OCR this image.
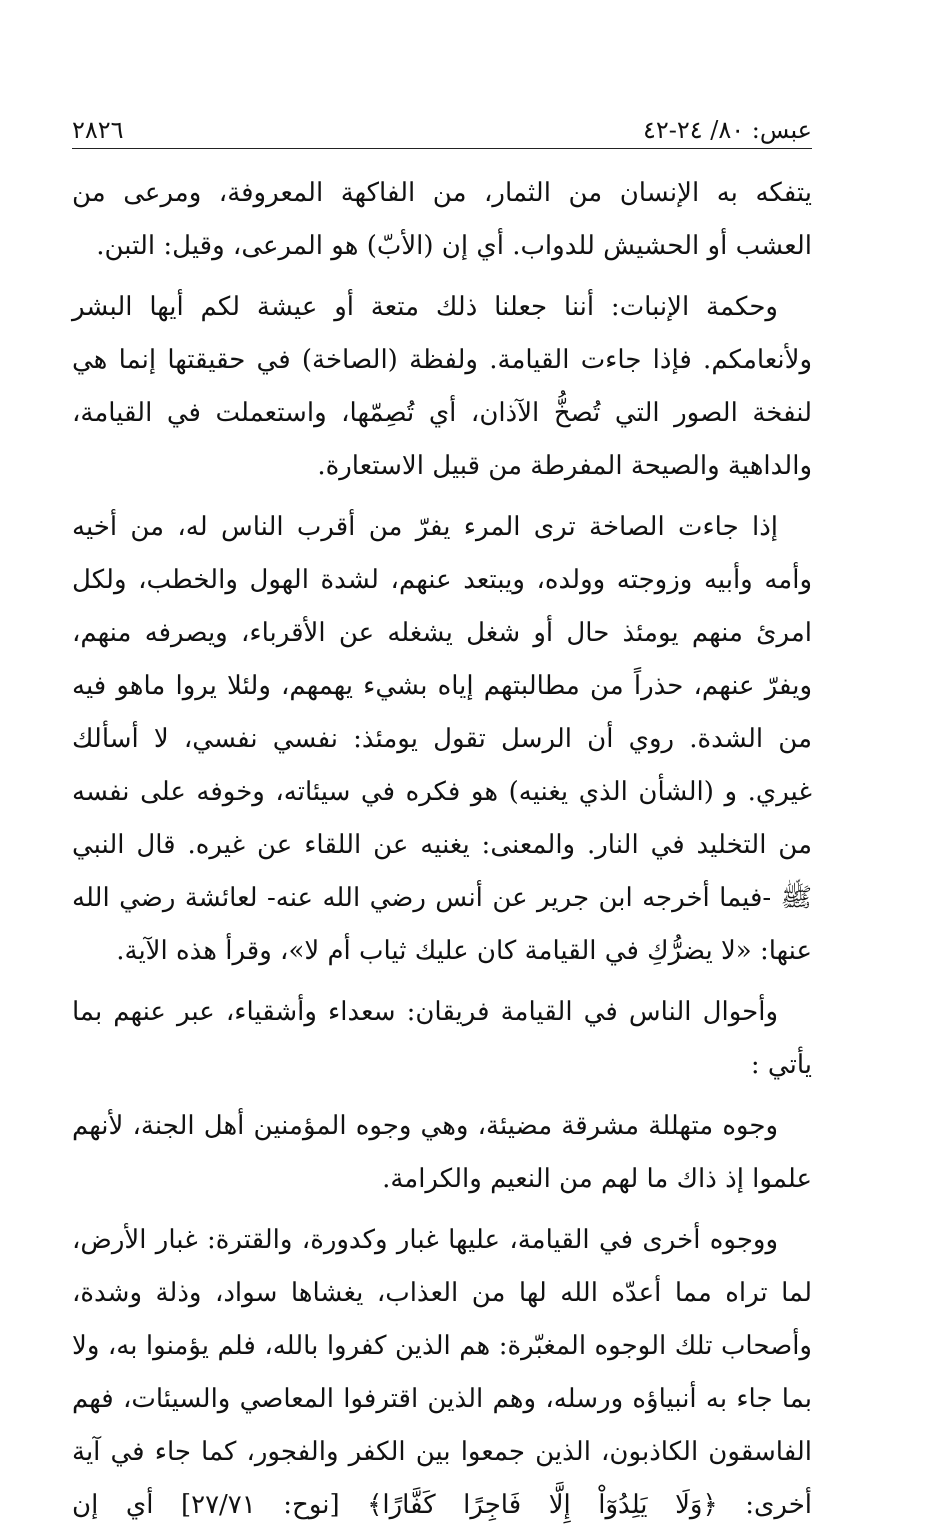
عبس: ٨٠/ ٢٤-٤٢
٢٨٢٦

يتفكه به الإنسان من الثمار، من الفاكهة المعروفة، ومرعى من العشب أو الحشيش للدواب. أي إن (الأبّ) هو المرعى، وقيل: التبن.

وحكمة الإنبات: أننا جعلنا ذلك متعة أو عيشة لكم أيها البشر ولأنعامكم. فإذا جاءت القيامة. ولفظة (الصاخة) في حقيقتها إنما هي لنفخة الصور التي تُصخُّ الآذان، أي تُصِمّها، واستعملت في القيامة، والداهية والصيحة المفرطة من قبيل الاستعارة.

إذا جاءت الصاخة ترى المرء يفرّ من أقرب الناس له، من أخيه وأمه وأبيه وزوجته وولده، ويبتعد عنهم، لشدة الهول والخطب، ولكل امرئ منهم يومئذ حال أو شغل يشغله عن الأقرباء، ويصرفه منهم، ويفرّ عنهم، حذراً من مطالبتهم إياه بشيء يهمهم، ولئلا يروا ماهو فيه من الشدة. روي أن الرسل تقول يومئذ: نفسي نفسي، لا أسألك غيري. و (الشأن الذي يغنيه) هو فكره في سيئاته، وخوفه على نفسه من التخليد في النار. والمعنى: يغنيه عن اللقاء عن غيره. قال النبي ﷺ -فيما أخرجه ابن جرير عن أنس رضي الله عنه- لعائشة رضي الله عنها: «لا يضرُّكِ في القيامة كان عليك ثياب أم لا»، وقرأ هذه الآية.

وأحوال الناس في القيامة فريقان: سعداء وأشقياء، عبر عنهم بما يأتي :

وجوه متهللة مشرقة مضيئة، وهي وجوه المؤمنين أهل الجنة، لأنهم علموا إذ ذاك ما لهم من النعيم والكرامة.

ووجوه أخرى في القيامة، عليها غبار وكدورة، والقترة: غبار الأرض، لما تراه مما أعدّه الله لها من العذاب، يغشاها سواد، وذلة وشدة، وأصحاب تلك الوجوه المغبّرة: هم الذين كفروا بالله، فلم يؤمنوا به، ولا بما جاء به أنبياؤه ورسله، وهم الذين اقترفوا المعاصي والسيئات، فهم الفاسقون الكاذبون، الذين جمعوا بين الكفر والفجور، كما جاء في آية أخرى: ﴿وَلَا يَلِدُوٓاْ إِلَّا فَاجِرًا كَفَّارًا﴾ [نوح: ٢٧/٧١] أي إن
